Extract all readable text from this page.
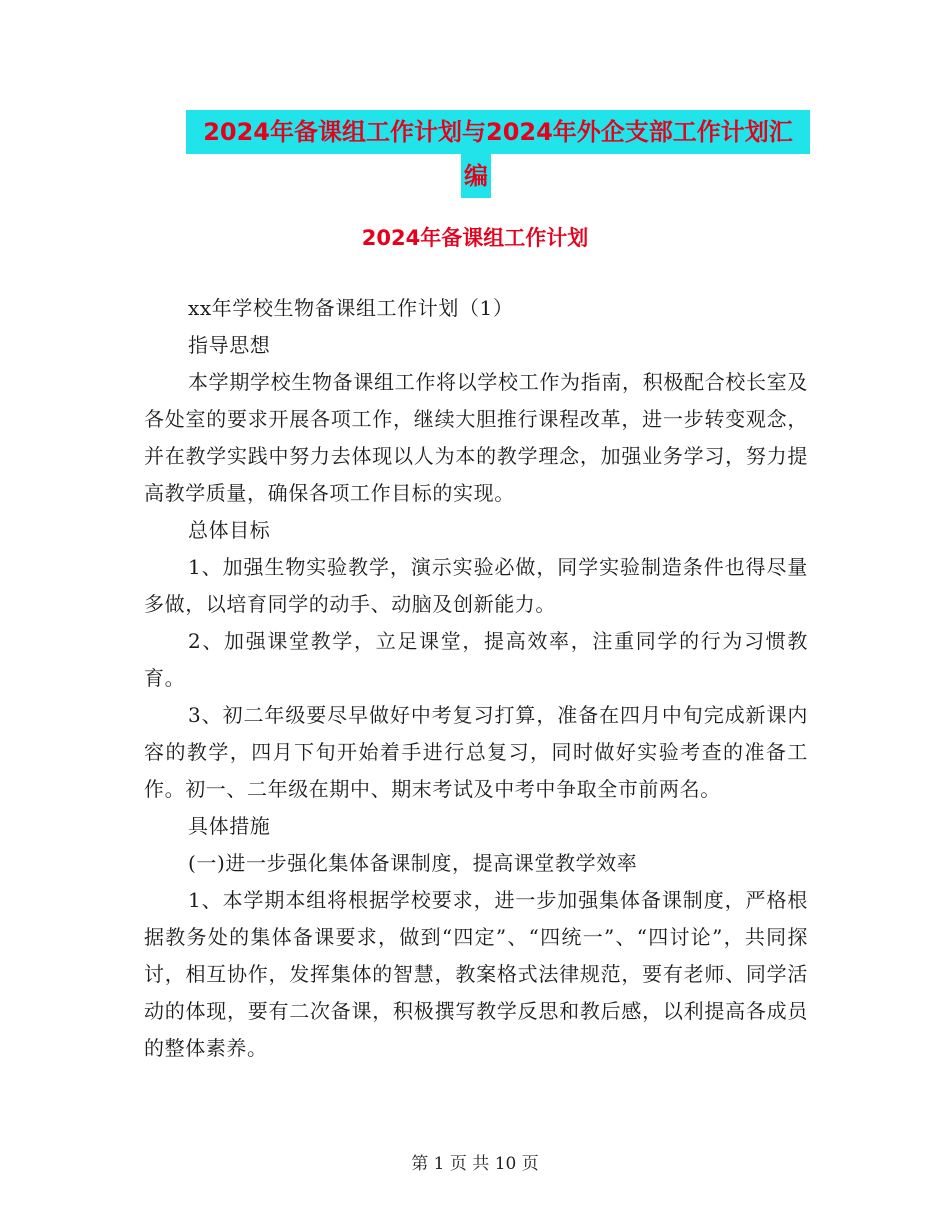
2024年备课组工作计划与2024年外企支部工作计划汇
编
2024年备课组工作计划

xx年学校生物备课组工作计划（1）

指导思想

本学期学校生物备课组工作将以学校工作为指南，积极配合校长室及各处室的要求开展各项工作，继续大胆推行课程改革，进一步转变观念，并在教学实践中努力去体现以人为本的教学理念，加强业务学习，努力提高教学质量，确保各项工作目标的实现。

总体目标

1、加强生物实验教学，演示实验必做，同学实验制造条件也得尽量多做，以培育同学的动手、动脑及创新能力。

2、加强课堂教学，立足课堂，提高效率，注重同学的行为习惯教育。

3、初二年级要尽早做好中考复习打算，准备在四月中旬完成新课内容的教学，四月下旬开始着手进行总复习，同时做好实验考查的准备工作。初一、二年级在期中、期末考试及中考中争取全市前两名。

具体措施

(一)进一步强化集体备课制度，提高课堂教学效率

1、本学期本组将根据学校要求，进一步加强集体备课制度，严格根据教务处的集体备课要求，做到“四定”、“四统一”、“四讨论”，共同探讨，相互协作，发挥集体的智慧，教案格式法律规范，要有老师、同学活动的体现，要有二次备课，积极撰写教学反思和教后感，以利提高各成员的整体素养。

第 1 页 共 10 页
